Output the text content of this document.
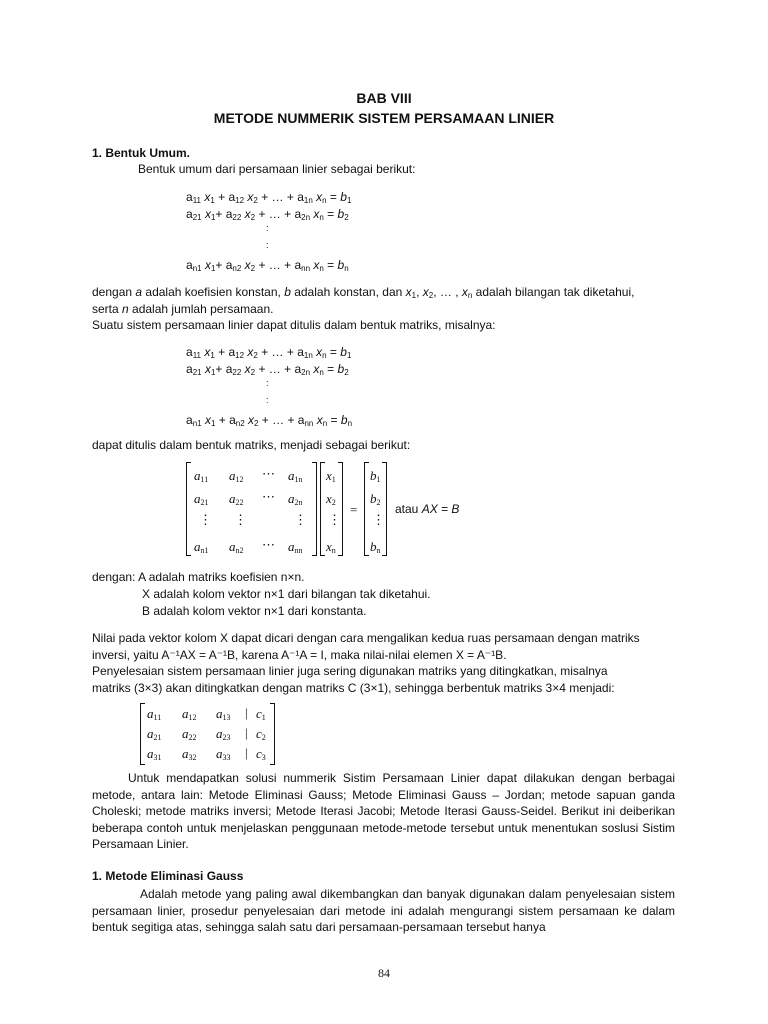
BAB VIII
METODE NUMMERIK SISTEM PERSAMAAN LINIER
1. Bentuk Umum.
Bentuk umum dari persamaan linier sebagai berikut:
$a_{11}$ $x_1 + a_{12}$ $x_2$ + … + $a_{1n}$ $x_n = b_1$
$a_{21}$ $x_1+ a_{22}$ $x_2$ + … + $a_{2n}$ $x_n = b_2$
:
:
$a_{n1}$ $x_1+ a_{n2}$ $x_2$ + … + $a_{nn}$ $x_n = b_n$
dengan a adalah koefisien konstan, b adalah konstan, dan $x_1$, $x_2$, … , $x_n$ adalah bilangan tak diketahui,
serta n adalah jumlah persamaan.
Suatu sistem persamaan linier dapat ditulis dalam bentuk matriks, misalnya:
$a_{11}$ $x_1 + a_{12}$ $x_2$ + … + $a_{1n}$ $x_n = b_1$
$a_{21}$ $x_1+ a_{22}$ $x_2$ + … + $a_{2n}$ $x_n = b_2$
:
:
$a_{n1}$ $x_1 + a_{n2}$ $x_2$ + … + $a_{nn}$ $x_n = b_n$
dapat ditulis dalam bentuk matriks, menjadi sebagai berikut:
$a_{11}$ $a_{12}$ ⋯ $a_{1n}$
$a_{21}$ $a_{22}$ ⋯ $a_{2n}$
⋮ ⋮	⋮
$a_{n1}$ $a_{n2}$ ⋯ $a_{nn}$
$x_1$
$x_2$
⋮
$x_n$
=
$b_1$
$b_2$
⋮
$b_n$
atau AX = B
dengan: A adalah matriks koefisien n×n.
X adalah kolom vektor n×1 dari bilangan tak diketahui.
B adalah kolom vektor n×1 dari konstanta.
Nilai pada vektor kolom X dapat dicari dengan cara mengalikan kedua ruas persamaan dengan matriks
inversi, yaitu A⁻¹AX = A⁻¹B, karena A⁻¹A = I, maka nilai-nilai elemen X = A⁻¹B.
Penyelesaian sistem persamaan linier juga sering digunakan matriks yang ditingkatkan, misalnya
matriks (3×3) akan ditingkatkan dengan matriks C (3×1), sehingga berbentuk matriks 3×4 menjadi:
$a_{11}$ $a_{12}$ $a_{13}$ | $c_1$
$a_{21}$ $a_{22}$ $a_{23}$ | $c_2$
$a_{31}$ $a_{32}$ $a_{33}$ | $c_3$
Untuk mendapatkan solusi nummerik Sistim Persamaan Linier dapat dilakukan dengan berbagai metode, antara lain: Metode Eliminasi Gauss; Metode Eliminasi Gauss – Jordan; metode sapuan ganda Choleski; metode matriks inversi; Metode Iterasi Jacobi; Metode Iterasi Gauss-Seidel. Berikut ini deiberikan beberapa contoh untuk menjelaskan penggunaan metode-metode tersebut untuk menentukan soslusi Sistim Persamaan Linier.
1. Metode Eliminasi Gauss
Adalah metode yang paling awal dikembangkan dan banyak digunakan dalam penyelesaian sistem persamaan linier, prosedur penyelesaian dari metode ini adalah mengurangi sistem persamaan ke dalam bentuk segitiga atas, sehingga salah satu dari persamaan-persamaan tersebut hanya
84
